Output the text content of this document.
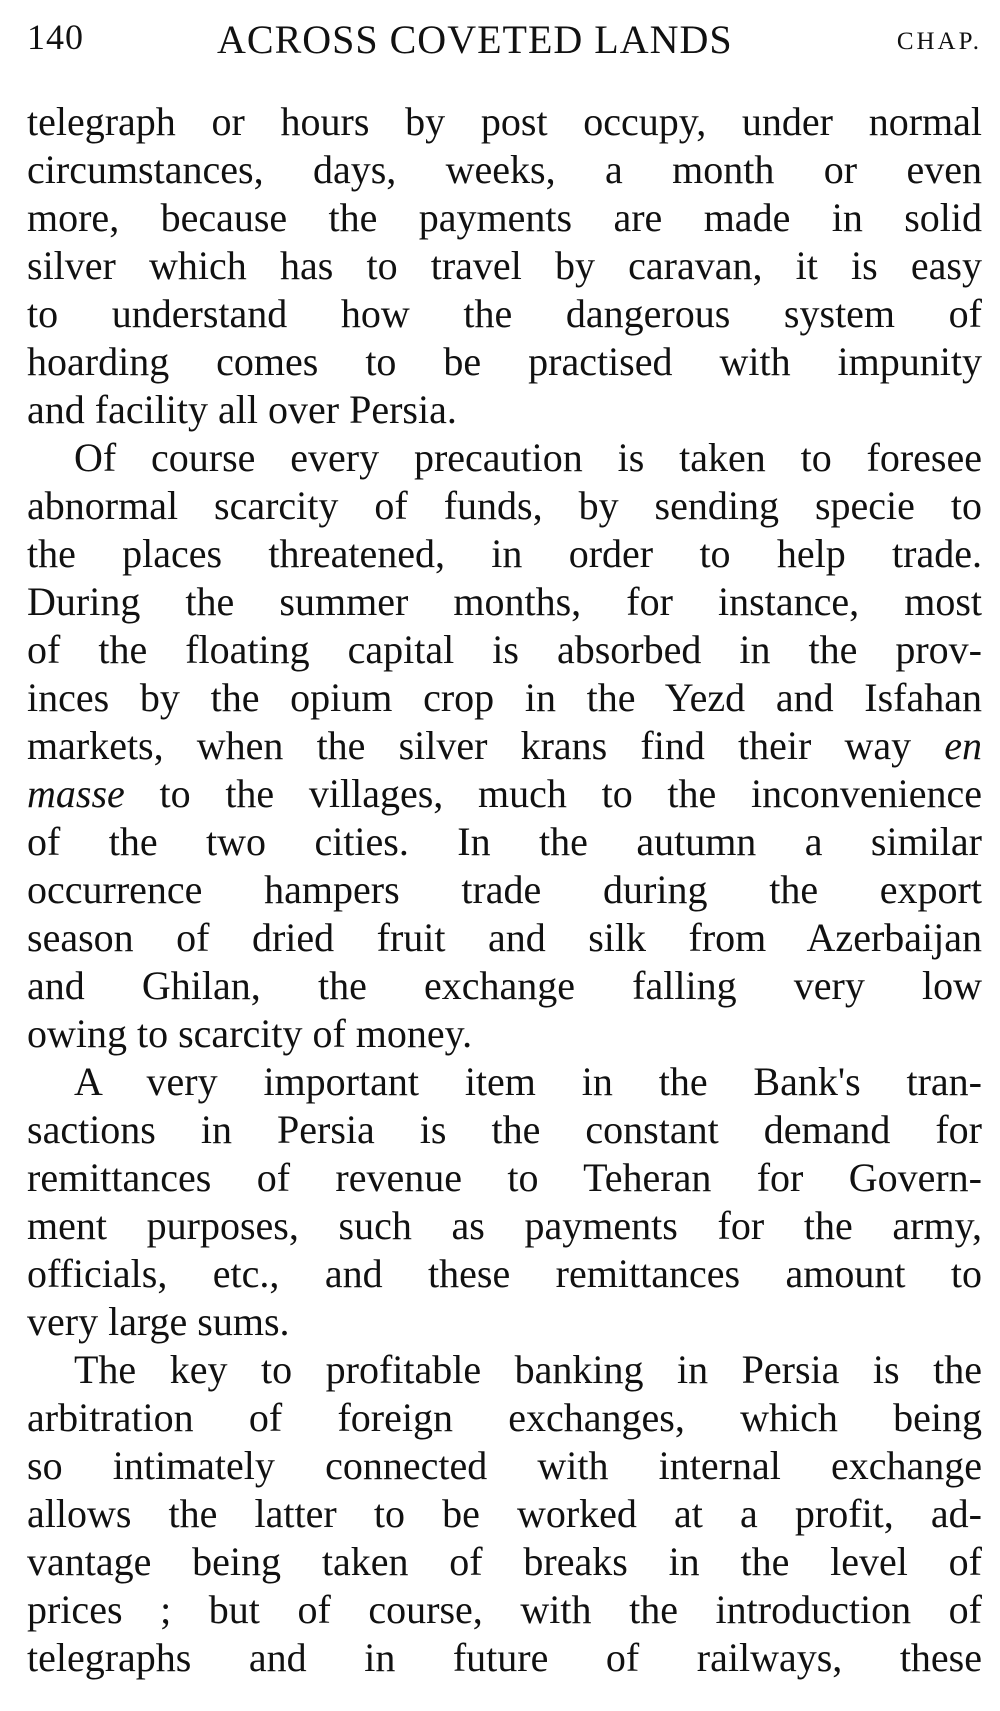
140	ACROSS COVETED LANDS	CHAP.
telegraph or hours by post occupy, under normal
circumstances, days, weeks, a month or even
more, because the payments are made in solid
silver which has to travel by caravan, it is easy
to understand how the dangerous system of
hoarding comes to be practised with impunity
and facility all over Persia.
Of course every precaution is taken to foresee
abnormal scarcity of funds, by sending specie to
the places threatened, in order to help trade.
During the summer months, for instance, most
of the floating capital is absorbed in the prov-
inces by the opium crop in the Yezd and Isfahan
markets, when the silver krans find their way en
masse to the villages, much to the inconvenience
of the two cities. In the autumn a similar
occurrence hampers trade during the export
season of dried fruit and silk from Azerbaijan
and Ghilan, the exchange falling very low
owing to scarcity of money.
A very important item in the Bank's tran-
sactions in Persia is the constant demand for
remittances of revenue to Teheran for Govern-
ment purposes, such as payments for the army,
officials, etc., and these remittances amount to
very large sums.
The key to profitable banking in Persia is the
arbitration of foreign exchanges, which being
so intimately connected with internal exchange
allows the latter to be worked at a profit, ad-
vantage being taken of breaks in the level of
prices ; but of course, with the introduction of
telegraphs and in future of railways, these
